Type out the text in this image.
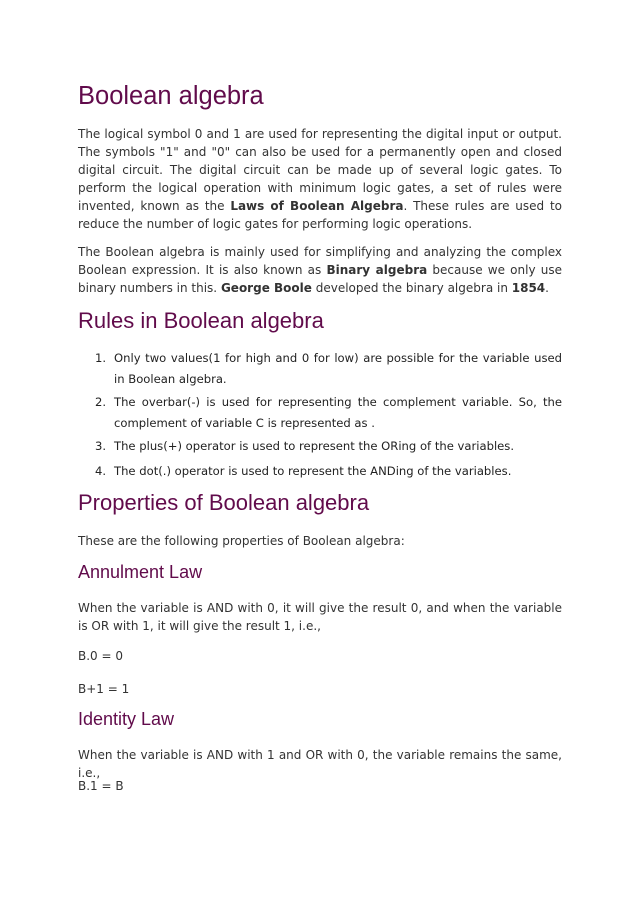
Boolean algebra

The logical symbol 0 and 1 are used for representing the digital input or output. The symbols "1" and "0" can also be used for a permanently open and closed digital circuit. The digital circuit can be made up of several logic gates. To perform the logical operation with minimum logic gates, a set of rules were invented, known as the Laws of Boolean Algebra. These rules are used to reduce the number of logic gates for performing logic operations.

The Boolean algebra is mainly used for simplifying and analyzing the complex Boolean expression. It is also known as Binary algebra because we only use binary numbers in this. George Boole developed the binary algebra in 1854.

Rules in Boolean algebra
1. Only two values(1 for high and 0 for low) are possible for the variable used in Boolean algebra.
2. The overbar(-) is used for representing the complement variable. So, the complement of variable C is represented as .
3. The plus(+) operator is used to represent the ORing of the variables.
4. The dot(.) operator is used to represent the ANDing of the variables.
Properties of Boolean algebra

These are the following properties of Boolean algebra:

Annulment Law

When the variable is AND with 0, it will give the result 0, and when the variable is OR with 1, it will give the result 1, i.e.,

B.0 = 0

B+1 = 1

Identity Law

When the variable is AND with 1 and OR with 0, the variable remains the same, i.e.,

B.1 = B
